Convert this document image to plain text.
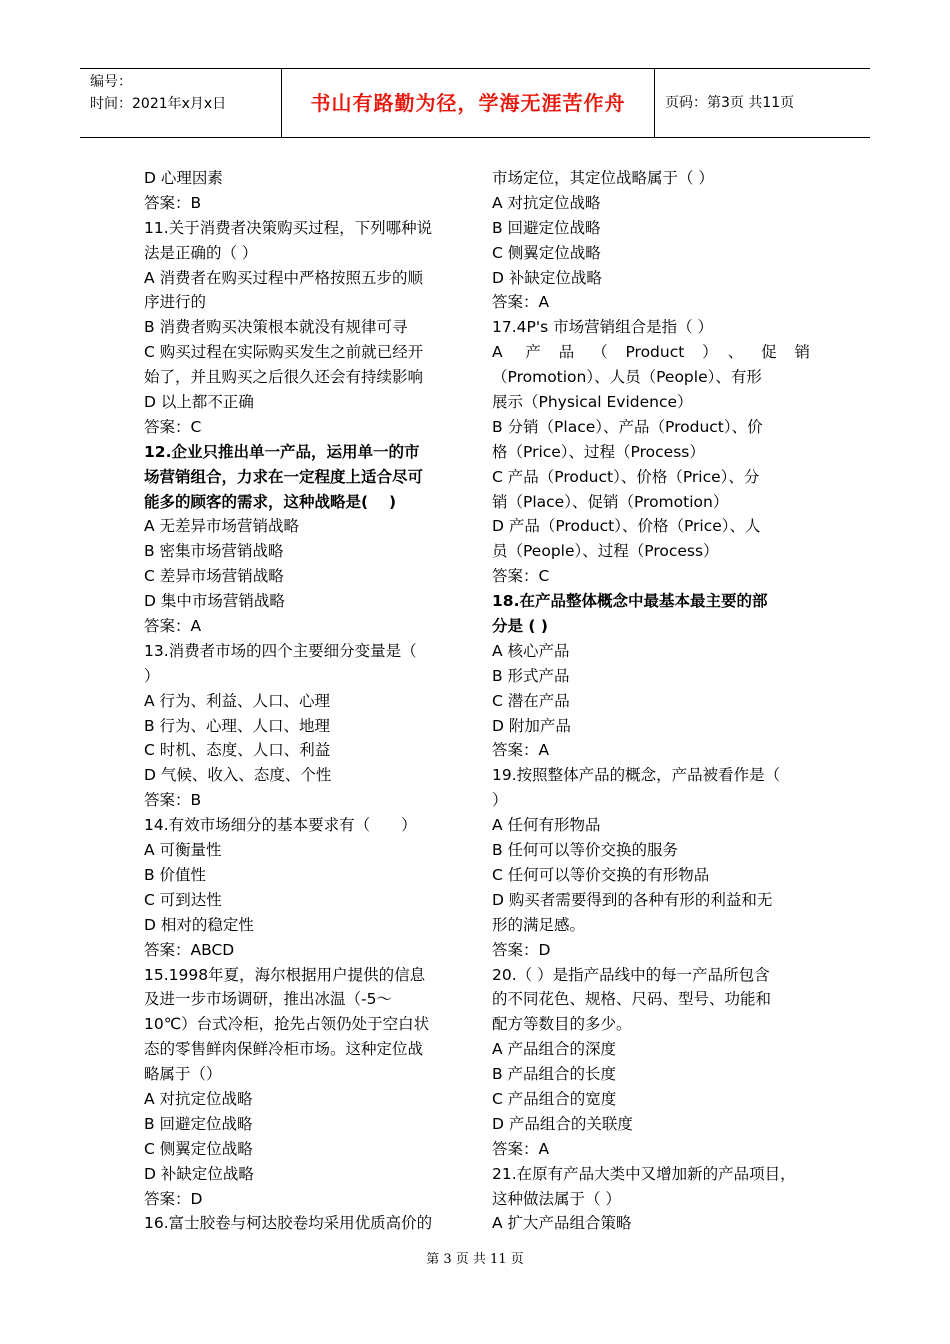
编号：
时间：2021年x月x日	书山有路勤为径，学海无涯苦作舟	页码：第3页 共11页
D 心理因素
答案：B
11.关于消费者决策购买过程，下列哪种说
法是正确的（ ）
A 消费者在购买过程中严格按照五步的顺
序进行的
B 消费者购买决策根本就没有规律可寻
C 购买过程在实际购买发生之前就已经开
始了，并且购买之后很久还会有持续影响
D 以上都不正确
答案：C
12.企业只推出单一产品，运用单一的市
场营销组合，力求在一定程度上适合尽可
能多的顾客的需求，这种战略是(　 )
A 无差异市场营销战略
B 密集市场营销战略
C 差异市场营销战略
D 集中市场营销战略
答案：A
13.消费者市场的四个主要细分变量是（
）
A 行为、利益、人口、心理
B 行为、心理、人口、地理
C 时机、态度、人口、利益
D 气候、收入、态度、个性
答案：B
14.有效市场细分的基本要求有（　　）
A 可衡量性
B 价值性
C 可到达性
D 相对的稳定性
答案：ABCD
15.1998年夏，海尔根据用户提供的信息
及进一步市场调研，推出冰温（-5～
10℃）台式冷柜，抢先占领仍处于空白状
态的零售鲜肉保鲜冷柜市场。这种定位战
略属于（）
A 对抗定位战略
B 回避定位战略
C 侧翼定位战略
D 补缺定位战略
答案：D
16.富士胶卷与柯达胶卷均采用优质高价的
市场定位，其定位战略属于（ ）
A 对抗定位战略
B 回避定位战略
C 侧翼定位战略
D 补缺定位战略
答案：A
17.4P's 市场营销组合是指（ ）
A 产品（Product）、促销
（Promotion）、人员（People）、有形
展示（Physical Evidence）
B 分销（Place）、产品（Product）、价
格（Price）、过程（Process）
C 产品（Product）、价格（Price）、分
销（Place）、促销（Promotion）
D 产品（Product）、价格（Price）、人
员（People）、过程（Process）
答案：C
18.在产品整体概念中最基本最主要的部
分是 ( )
A 核心产品
B 形式产品
C 潜在产品
D 附加产品
答案：A
19.按照整体产品的概念，产品被看作是（
）
A 任何有形物品
B 任何可以等价交换的服务
C 任何可以等价交换的有形物品
D 购买者需要得到的各种有形的利益和无
形的满足感。
答案：D
20.（ ）是指产品线中的每一产品所包含
的不同花色、规格、尺码、型号、功能和
配方等数目的多少。
A 产品组合的深度
B 产品组合的长度
C 产品组合的宽度
D 产品组合的关联度
答案：A
21.在原有产品大类中又增加新的产品项目，
这种做法属于（ ）
A 扩大产品组合策略
第 3 页 共 11 页
